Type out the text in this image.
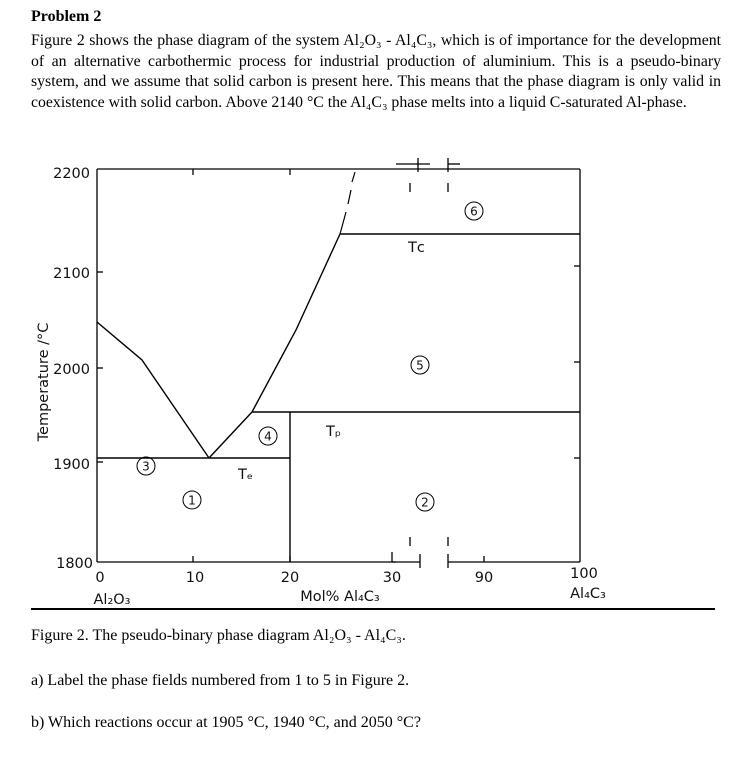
Problem 2
Figure 2 shows the phase diagram of the system Al₂O₃ - Al₄C₃, which is of importance for the development of an alternative carbothermic process for industrial production of aluminium. This is a pseudo-binary system, and we assume that solid carbon is present here. This means that the phase diagram is only valid in coexistence with solid carbon. Above 2140 °C the Al₄C₃ phase melts into a liquid C-saturated Al-phase.
2200
2100
2000
1900
1800
Temperature /°C
0	10	20	30	90	100
Al₂O₃	Mol% Al₄C₃	Al₄C₃
Tₑ
Tₚ
Tᴄ
1	2
3
4
5
6
Figure 2. The pseudo-binary phase diagram Al₂O₃ - Al₄C₃.
a) Label the phase fields numbered from 1 to 5 in Figure 2.
b) Which reactions occur at 1905 °C, 1940 °C, and 2050 °C?
